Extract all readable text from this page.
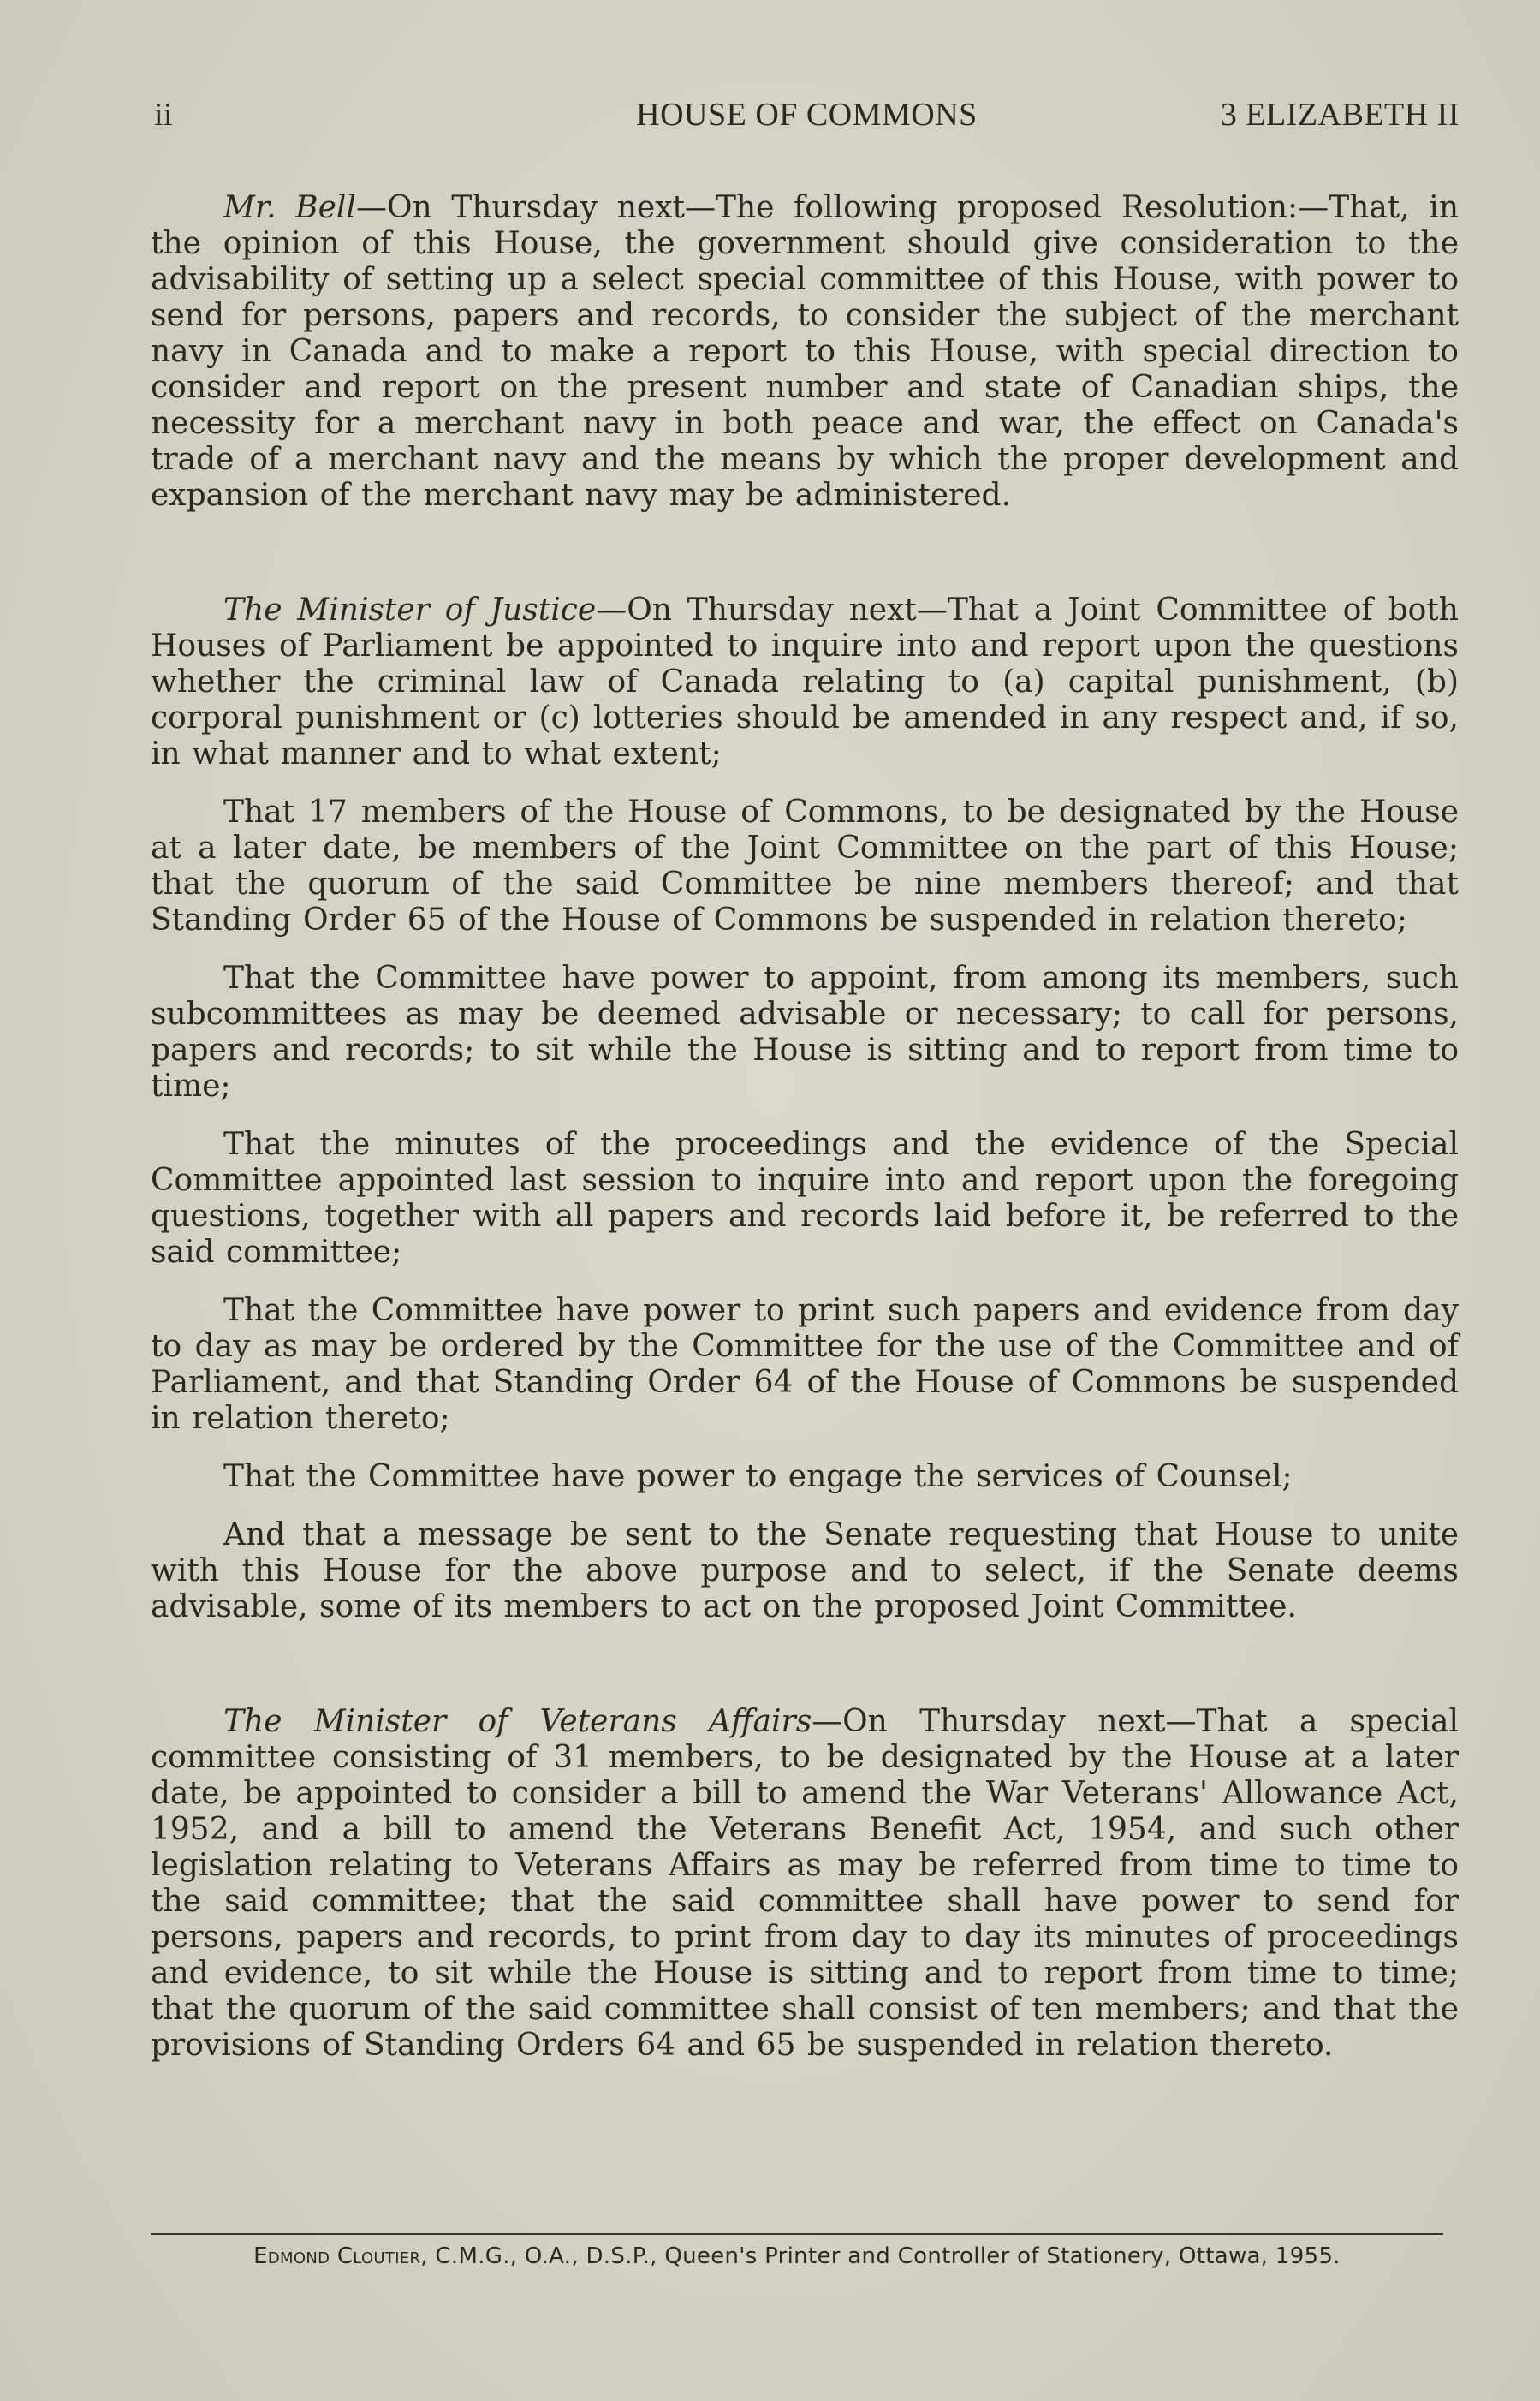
ii	HOUSE OF COMMONS	3 ELIZABETH II

Mr. Bell—On Thursday next—The following proposed Resolution:—That, in the opinion of this House, the government should give consideration to the advisability of setting up a select special committee of this House, with power to send for persons, papers and records, to consider the subject of the merchant navy in Canada and to make a report to this House, with special direction to consider and report on the present number and state of Canadian ships, the necessity for a merchant navy in both peace and war, the effect on Canada's trade of a merchant navy and the means by which the proper development and expansion of the merchant navy may be administered.

The Minister of Justice—On Thursday next—That a Joint Committee of both Houses of Parliament be appointed to inquire into and report upon the questions whether the criminal law of Canada relating to (a) capital punishment, (b) corporal punishment or (c) lotteries should be amended in any respect and, if so, in what manner and to what extent;

That 17 members of the House of Commons, to be designated by the House at a later date, be members of the Joint Committee on the part of this House; that the quorum of the said Committee be nine members thereof; and that Standing Order 65 of the House of Commons be suspended in relation thereto;

That the Committee have power to appoint, from among its members, such subcommittees as may be deemed advisable or necessary; to call for persons, papers and records; to sit while the House is sitting and to report from time to time;

That the minutes of the proceedings and the evidence of the Special Committee appointed last session to inquire into and report upon the foregoing questions, together with all papers and records laid before it, be referred to the said committee;

That the Committee have power to print such papers and evidence from day to day as may be ordered by the Committee for the use of the Committee and of Parliament, and that Standing Order 64 of the House of Commons be suspended in relation thereto;

That the Committee have power to engage the services of Counsel;

And that a message be sent to the Senate requesting that House to unite with this House for the above purpose and to select, if the Senate deems advisable, some of its members to act on the proposed Joint Committee.

The Minister of Veterans Affairs—On Thursday next—That a special committee consisting of 31 members, to be designated by the House at a later date, be appointed to consider a bill to amend the War Veterans' Allowance Act, 1952, and a bill to amend the Veterans Benefit Act, 1954, and such other legislation relating to Veterans Affairs as may be referred from time to time to the said committee; that the said committee shall have power to send for persons, papers and records, to print from day to day its minutes of proceedings and evidence, to sit while the House is sitting and to report from time to time; that the quorum of the said committee shall consist of ten members; and that the provisions of Standing Orders 64 and 65 be suspended in relation thereto.

Edmond Cloutier, C.M.G., O.A., D.S.P., Queen's Printer and Controller of Stationery, Ottawa, 1955.
